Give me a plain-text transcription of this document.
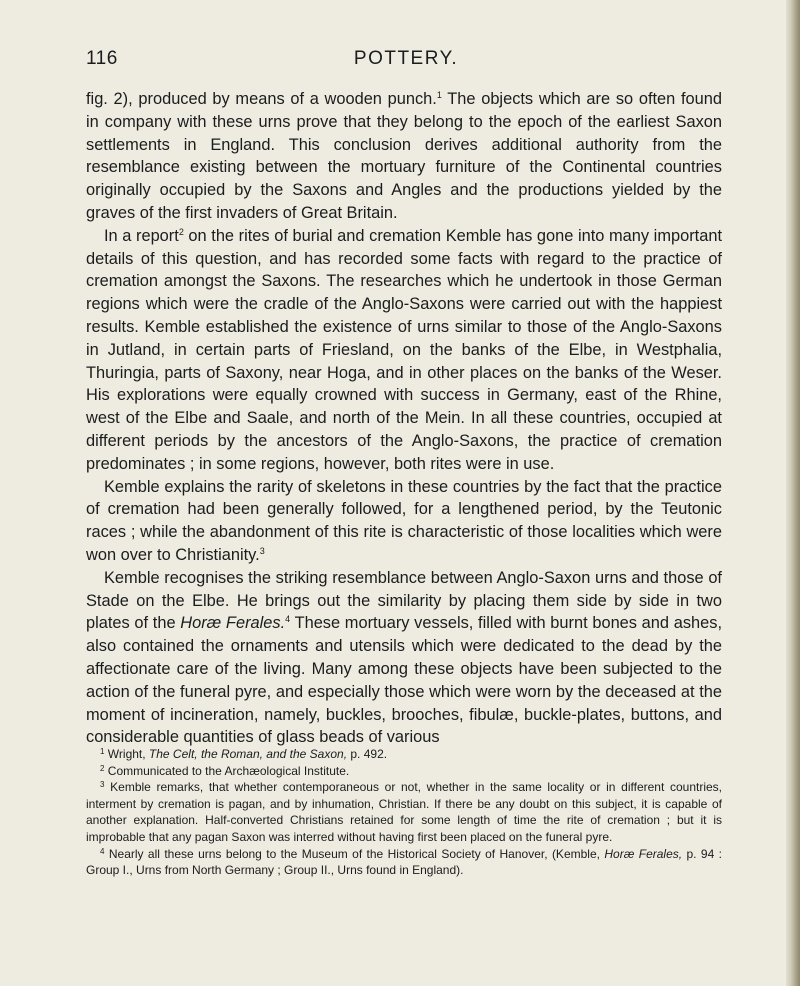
116	POTTERY.

fig. 2), produced by means of a wooden punch.$^1$ The objects which are so often found in company with these urns prove that they belong to the epoch of the earliest Saxon settlements in England. This conclusion derives additional authority from the resemblance existing between the mortuary furniture of the Continental countries originally occupied by the Saxons and Angles and the productions yielded by the graves of the first invaders of Great Britain.

In a report$^2$ on the rites of burial and cremation Kemble has gone into many important details of this question, and has recorded some facts with regard to the practice of cremation amongst the Saxons. The researches which he undertook in those German regions which were the cradle of the Anglo-Saxons were carried out with the happiest results. Kemble established the existence of urns similar to those of the Anglo-Saxons in Jutland, in certain parts of Friesland, on the banks of the Elbe, in Westphalia, Thuringia, parts of Saxony, near Hoga, and in other places on the banks of the Weser. His explorations were equally crowned with success in Germany, east of the Rhine, west of the Elbe and Saale, and north of the Mein. In all these countries, occupied at different periods by the ancestors of the Anglo-Saxons, the practice of cremation predominates ; in some regions, however, both rites were in use.

Kemble explains the rarity of skeletons in these countries by the fact that the practice of cremation had been generally followed, for a lengthened period, by the Teutonic races ; while the abandonment of this rite is characteristic of those localities which were won over to Christianity.$^3$

Kemble recognises the striking resemblance between Anglo-Saxon urns and those of Stade on the Elbe. He brings out the similarity by placing them side by side in two plates of the Horæ Ferales.$^4$ These mortuary vessels, filled with burnt bones and ashes, also contained the ornaments and utensils which were dedicated to the dead by the affectionate care of the living. Many among these objects have been subjected to the action of the funeral pyre, and especially those which were worn by the deceased at the moment of incineration, namely, buckles, brooches, fibulæ, buckle-plates, buttons, and considerable quantities of glass beads of various

$^1$ Wright, The Celt, the Roman, and the Saxon, p. 492.

$^2$ Communicated to the Archæological Institute.

$^3$ Kemble remarks, that whether contemporaneous or not, whether in the same locality or in different countries, interment by cremation is pagan, and by inhumation, Christian. If there be any doubt on this subject, it is capable of another explanation. Half-converted Christians retained for some length of time the rite of cremation ; but it is improbable that any pagan Saxon was interred without having first been placed on the funeral pyre.

$^4$ Nearly all these urns belong to the Museum of the Historical Society of Hanover, (Kemble, Horæ Ferales, p. 94 : Group I., Urns from North Germany ; Group II., Urns found in England).
